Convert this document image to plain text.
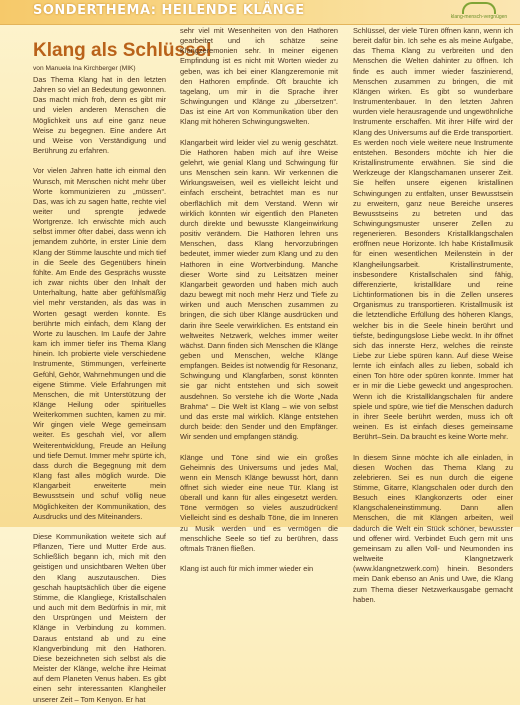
SONDERTHEMA: HEILENDE KLÄNGE	klang-mensch-vergnügen
Klang als Schlüssel
von Manuela Ina Kirchberger (MIK)

Das Thema Klang hat in den letzten Jahren so viel an Bedeutung gewonnen. Das macht mich froh, denn es gibt mir und vielen anderen Menschen die Möglichkeit uns auf eine ganz neue Weise zu begegnen. Eine andere Art und Weise von Verständigung und Berührung zu erfahren.

Vor vielen Jahren hatte ich einmal den Wunsch, mit Menschen nicht mehr über Worte kommunizieren zu „müssen“. Das, was ich zu sagen hatte, rechte viel weiter und sprengte jedwede Wortgrenze. Ich erwischte mich auch selbst immer öfter dabei, dass wenn ich jemandem zuhörte, in erster Linie dem Klang der Stimme lauschte und mich tief in die Seele des Gegenübers hinein fühlte. Am Ende des Gesprächs wusste ich zwar nichts über den Inhalt der Unterhaltung, hatte aber gefühlsmäßig viel mehr verstanden, als das was in Worten gesagt werden konnte. Es berührte mich einfach, dem Klang der Worte zu lauschen. Im Laufe der Jahre kam ich immer tiefer ins Thema Klang hinein. Ich probierte viele verschiedene Instrumente, Stimmungen, verfeinerte Gefühl, Gehör, Wahrnehmungen und die eigene Stimme. Viele Erfahrungen mit Menschen, die mit Unterstützung der Klänge Heilung oder spirituelles Weiterkommen suchten, kamen zu mir. Wir gingen viele Wege gemeinsam weiter. Es geschah viel, vor allem Weiterentwicklung, Freude an Heilung und tiefe Demut. Immer mehr spürte ich, dass durch die Begegnung mit dem Klang fast alles möglich wurde. Die Klangarbeit erweiterte mein Bewusstsein und schuf völlig neue Möglichkeiten der Kommunikation, des Ausdrucks und des Miteinanders.

Diese Kommunikation weitete sich auf Pflanzen, Tiere und Mutter Erde aus. Schließlich begann ich, mich mit den geistigen und unsichtbaren Welten über den Klang auszutauschen. Dies geschah hauptsächlich über die eigene Stimme, die Klangliege, Kristallschalen und auch mit dem Bedürfnis in mir, mit den Ursprüngen und Meistern der Klänge in Verbindung zu kommen. Daraus entstand ab und zu eine Klangverbindung mit den Hathoren. Diese bezeichneten sich selbst als die Meister der Klänge, welche ihre Heimat auf dem Planeten Venus haben. Es gibt einen sehr interessanten Klangheiler unserer Zeit – Tom Kenyon. Er hat

sehr viel mit Wesenheiten von den Hathoren gearbeitet und ich schätze seine Klangzeremonien sehr. In meiner eigenen Empfindung ist es nicht mit Worten wieder zu geben, was ich bei einer Klangzeremonie mit den Hathoren empfinde. Oft brauchte ich tagelang, um mir in die Sprache ihrer Schwingungen und Klänge zu „übersetzen“. Das ist eine Art von Kommunikation über den Klang mit höheren Schwingungswelten.

Klangarbeit wird leider viel zu wenig geschätzt. Die Hathoren haben mich auf ihre Weise gelehrt, wie genial Klang und Schwingung für uns Menschen sein kann. Wir verkennen die Wirkungsweisen, weil es vielleicht leicht und einfach erscheint, betrachtet man es nur oberflächlich mit dem Verstand. Wenn wir wirklich könnten wir eigentlich den Planeten durch direkte und bewusste Klangeinwirkung positiv verändern. Die Hathoren lehren uns Menschen, dass Klang hervorzubringen bedeutet, immer wieder zum Klang und zu den Hathoren in eine Wortverbindung. Manche dieser Worte sind zu Leitsätzen meiner Klangarbeit geworden und haben mich auch dazu bewegt mit noch mehr Herz und Tiefe zu wirken und auch Menschen zusammen zu bringen, die sich über Klänge ausdrücken und darin ihre Seele verwirklichen. Es entstand ein weltweites Netzwerk, welches immer weiter wächst. Dann finden sich Menschen die Klänge geben und Menschen, welche Klänge empfangen. Beides ist notwendig für Resonanz, Schwingung und Klangfarben, sonst könnten sie gar nicht entstehen und sich soweit ausdehnen. So verstehe ich die Worte „Nada Brahma“ – Die Welt ist Klang – wie von selbst und das erste mal wirklich. Klänge entstehen durch beide: den Sender und den Empfänger. Wir senden und empfangen ständig.

Klänge und Töne sind wie ein großes Geheimnis des Universums und jedes Mal, wenn ein Mensch Klänge bewusst hört, dann öffnet sich wieder eine neue Tür. Klang ist überall und kann für alles eingesetzt werden. Töne vermögen so vieles auszudrücken! Vielleicht sind es deshalb Töne, die im Inneren zu Musik werden und es vermögen die menschliche Seele so tief zu berühren, dass oftmals Tränen fließen.

Klang ist auch für mich immer wieder ein

Schlüssel, der viele Türen öffnen kann, wenn ich bereit dafür bin. Ich sehe es als meine Aufgabe, das Thema Klang zu verbreiten und den Menschen die Welten dahinter zu öffnen. Ich finde es auch immer wieder faszinierend, Menschen zusammen zu bringen, die mit Klängen wirken. Es gibt so wunderbare Instrumentenbauer. In den letzten Jahren wurden viele herausragende und ungewöhnliche Instrumente erschaffen. Mit ihrer Hilfe wird der Klang des Universums auf die Erde transportiert. Es werden noch viele weitere neue Instrumente entstehen. Besonders möchte ich hier die Kristallinstrumente erwähnen. Sie sind die Werkzeuge der Klangschamanen unserer Zeit. Sie helfen unsere eigenen kristallinen Schwingungen zu entfalten, unser Bewusstsein zu erweitern, ganz neue Bereiche unseres Bewusstseins zu betreten und das Schwingungsmuster unserer Zellen zu regenerieren. Besonders Kristallklangschalen eröffnen neue Horizonte. Ich habe Kristallmusik für einen wesentlichen Meilenstein in der Klangheilungsarbeit. Kristallinstrumente, insbesondere Kristallschalen sind fähig, differenzierte, kristallklare und reine Lichtinformationen bis in die Zellen unseres Organismus zu transportieren. Kristallmusik ist die letztendliche Erfüllung des höheren Klangs, welcher bis in die Seele hinein berührt und tiefste, bedingungslose Liebe weckt. In ihr öffnet sich das innerste Herz, welches die reinste Liebe zur Liebe spüren kann. Auf diese Weise lernte ich einfach alles zu lieben, sobald ich einen Ton höre oder spüren konnte. Immer hat er in mir die Liebe geweckt und angesprochen. Wenn ich die Kristallklangschalen für andere spiele und spüre, wie tief die Menschen dadurch in ihrer Seele berührt werden, muss ich oft weinen. Es ist einfach dieses gemeinsame Berührt–Sein. Da braucht es keine Worte mehr.

In diesem Sinne möchte ich alle einladen, in diesen Wochen das Thema Klang zu zelebrieren. Sei es nun durch die eigene Stimme, Gitarre, Klangschalen oder durch den Besuch eines Klangkonzerts oder einer Klangschaleneinstimmung. Dann allen Menschen, die mit Klängen arbeiten, weil dadurch die Welt ein Stück schöner, bewusster und offener wird. Verbindet Euch gern mit uns gemeinsam zu allen Voll- und Neumonden ins weltweite Klangnetzwerk (www.klangnetzwerk.com) hinein. Besonders mein Dank ebenso an Anis und Uwe, die Klang zum Thema dieser Netzwerkausgabe gemacht haben.
